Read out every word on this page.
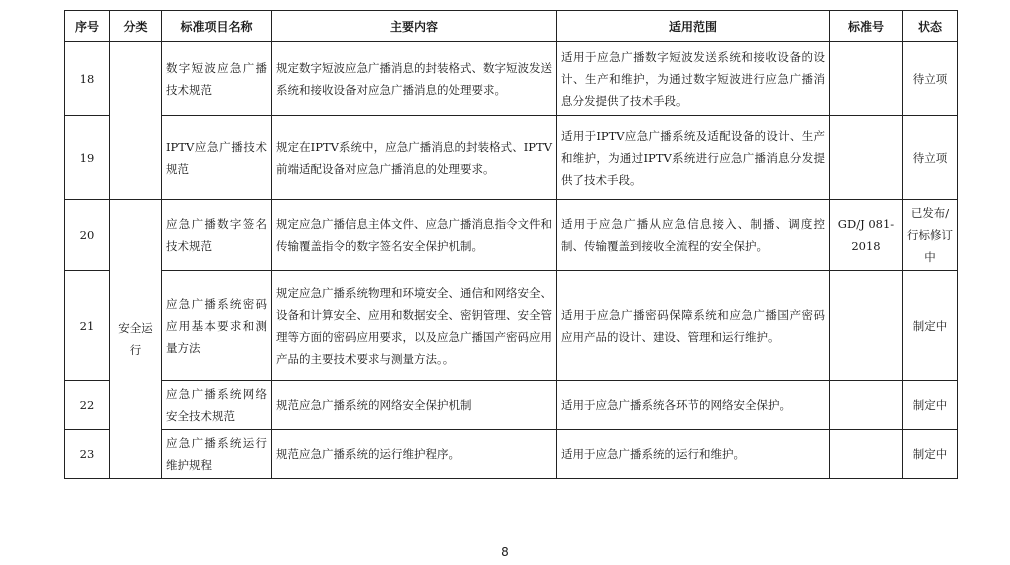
序号	分类	标准项目名称	主要内容	适用范围	标准号	状态
18		数字短波应急广播技术规范	规定数字短波应急广播消息的封装格式、数字短波发送系统和接收设备对应急广播消息的处理要求。	适用于应急广播数字短波发送系统和接收设备的设计、生产和维护，为通过数字短波进行应急广播消息分发提供了技术手段。		待立项
19		IPTV应急广播技术规范	规定在IPTV系统中，应急广播消息的封装格式、IPTV前端适配设备对应急广播消息的处理要求。	适用于IPTV应急广播系统及适配设备的设计、生产和维护，为通过IPTV系统进行应急广播消息分发提供了技术手段。		待立项
20	安全运行	应急广播数字签名技术规范	规定应急广播信息主体文件、应急广播消息指令文件和传输覆盖指令的数字签名安全保护机制。	适用于应急广播从应急信息接入、制播、调度控制、传输覆盖到接收全流程的安全保护。	GD/J 081-2018	已发布/行标修订中
21		应急广播系统密码应用基本要求和测量方法	规定应急广播系统物理和环境安全、通信和网络安全、设备和计算安全、应用和数据安全、密钥管理、安全管理等方面的密码应用要求，以及应急广播国产密码应用产品的主要技术要求与测量方法。。	适用于应急广播密码保障系统和应急广播国产密码应用产品的设计、建设、管理和运行维护。		制定中
22		应急广播系统网络安全技术规范	规范应急广播系统的网络安全保护机制	适用于应急广播系统各环节的网络安全保护。		制定中
23		应急广播系统运行维护规程	规范应急广播系统的运行维护程序。	适用于应急广播系统的运行和维护。		制定中
8
